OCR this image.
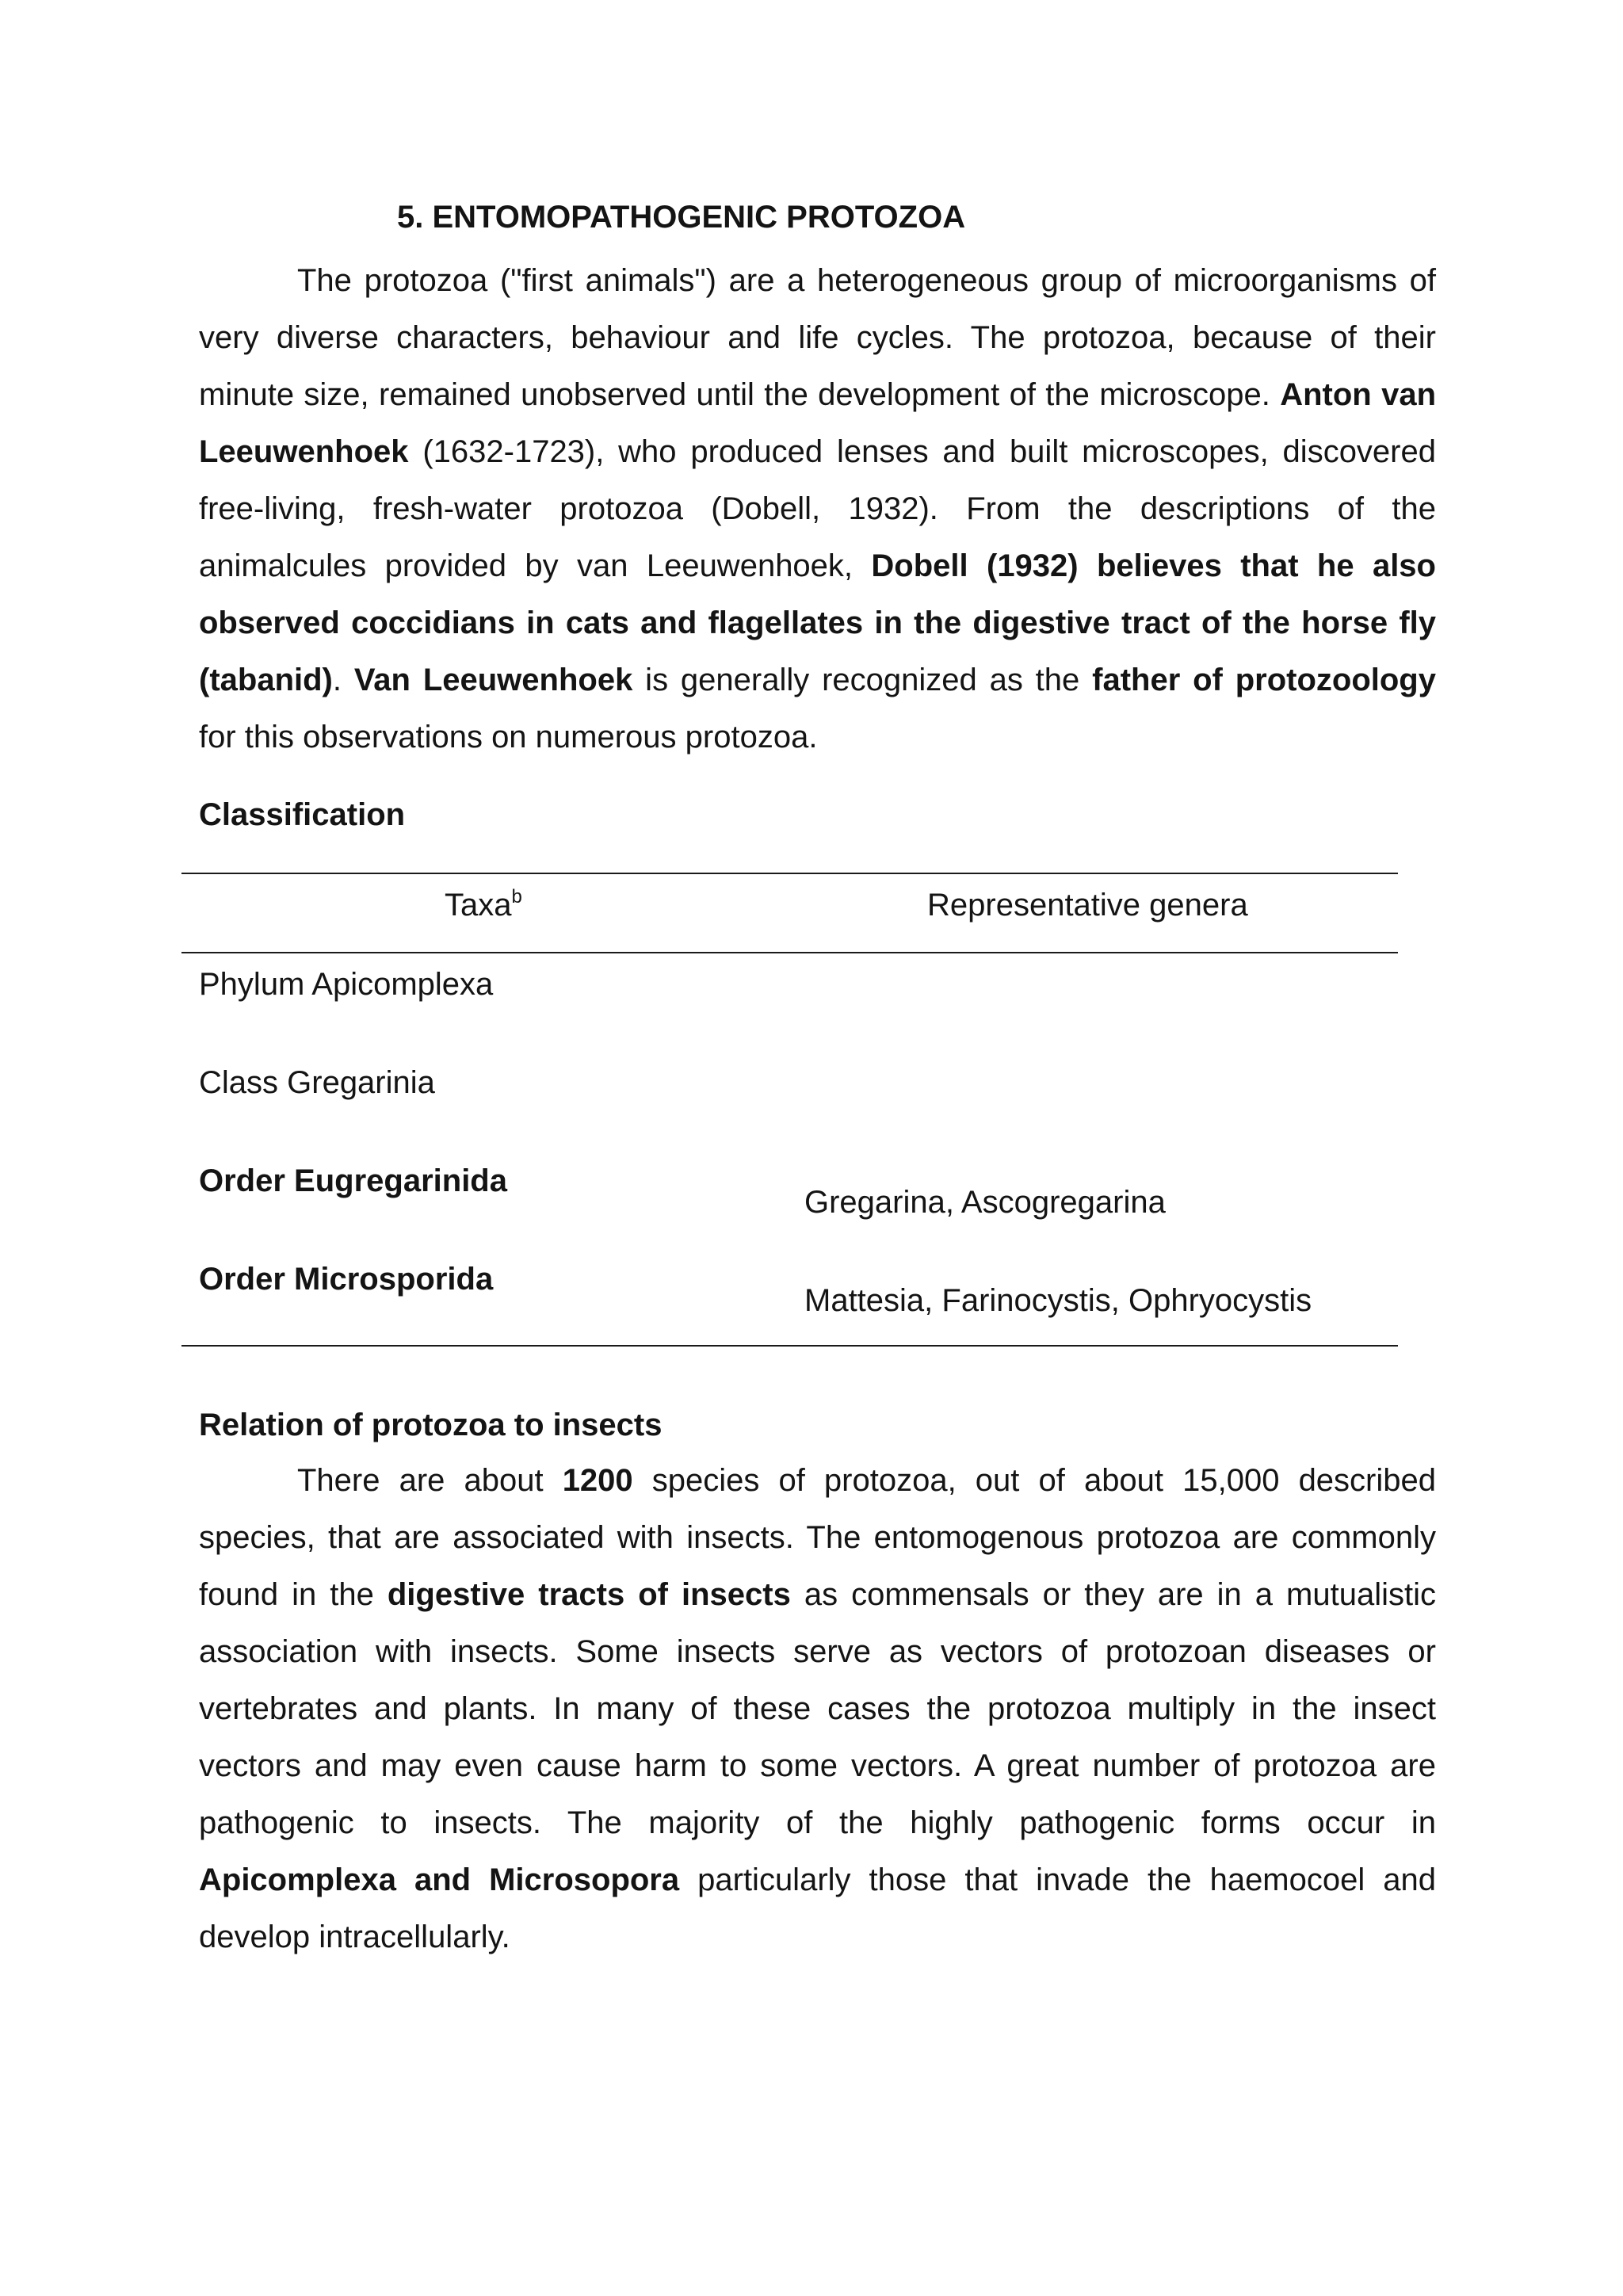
5. ENTOMOPATHOGENIC PROTOZOA

The protozoa ("first animals") are a heterogeneous group of microorganisms of very diverse characters, behaviour and life cycles. The protozoa, because of their minute size, remained unobserved until the development of the microscope. Anton van Leeuwenhoek (1632-1723), who produced lenses and built microscopes, discovered free-living, fresh-water protozoa (Dobell, 1932). From the descriptions of the animalcules provided by van Leeuwenhoek, Dobell (1932) believes that he also observed coccidians in cats and flagellates in the digestive tract of the horse fly (tabanid). Van Leeuwenhoek is generally recognized as the father of protozoology for this observations on numerous protozoa.

Classification
Taxa$^b$	Representative genera
Phylum Apicomplexa
Class Gregarinia
Order Eugregarinida
Gregarina, Ascogregarina
Order Microsporida
Mattesia, Farinocystis, Ophryocystis
Relation of protozoa to insects

There are about 1200 species of protozoa, out of about 15,000 described species, that are associated with insects. The entomogenous protozoa are commonly found in the digestive tracts of insects as commensals or they are in a mutualistic association with insects. Some insects serve as vectors of protozoan diseases or vertebrates and plants. In many of these cases the protozoa multiply in the insect vectors and may even cause harm to some vectors. A great number of protozoa are pathogenic to insects. The majority of the highly pathogenic forms occur in Apicomplexa and Microsopora particularly those that invade the haemocoel and develop intracellularly.
